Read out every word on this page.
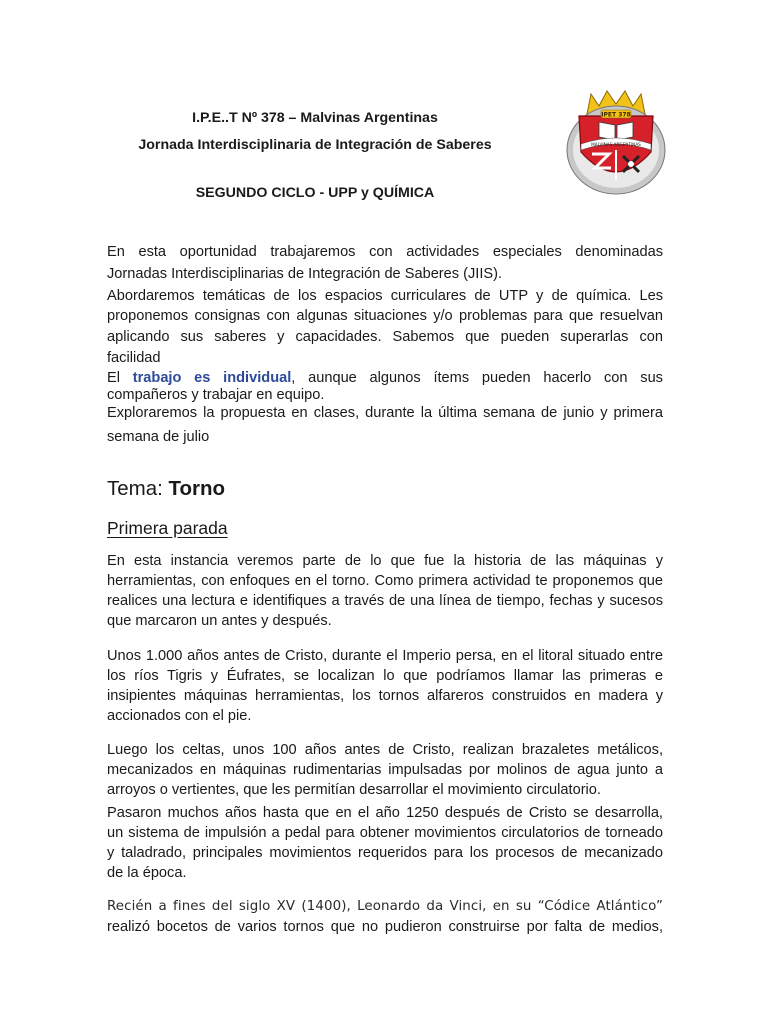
I.P.E..T Nº 378 – Malvinas Argentinas
Jornada Interdisciplinaria de Integración de Saberes
SEGUNDO CICLO - UPP y QUÍMICA
IPET 378
MALVINAS ARGENTINAS
En esta oportunidad trabajaremos con actividades especiales denominadas
Jornadas Interdisciplinarias de Integración de Saberes (JIIS).
Abordaremos temáticas de los espacios curriculares de UTP y de química. Les
proponemos consignas con algunas situaciones y/o problemas para que resuelvan
aplicando sus saberes y capacidades. Sabemos que pueden superarlas con
facilidad
El trabajo es individual, aunque algunos ítems pueden hacerlo con sus
compañeros y trabajar en equipo.
Exploraremos la propuesta en clases, durante la última semana de junio y primera
semana de julio
Tema: Torno
Primera parada
En esta instancia veremos parte de lo que fue la historia de las máquinas y
herramientas, con enfoques en el torno. Como primera actividad te proponemos que
realices una lectura e identifiques a través de una línea de tiempo, fechas y sucesos
que marcaron un antes y después.
Unos 1.000 años antes de Cristo, durante el Imperio persa, en el litoral situado entre
los ríos Tigris y Éufrates, se localizan lo que podríamos llamar las primeras e
insipientes máquinas herramientas, los tornos alfareros construidos en madera y
accionados con el pie.
Luego los celtas, unos 100 años antes de Cristo, realizan brazaletes metálicos,
mecanizados en máquinas rudimentarias impulsadas por molinos de agua junto a
arroyos o vertientes, que les permitían desarrollar el movimiento circulatorio.
Pasaron muchos años hasta que en el año 1250 después de Cristo se desarrolla,
un sistema de impulsión a pedal para obtener movimientos circulatorios de torneado
y taladrado, principales movimientos requeridos para los procesos de mecanizado
de la época.
Recién a fines del siglo XV (1400), Leonardo da Vinci, en su “Códice Atlántico”
realizó bocetos de varios tornos que no pudieron construirse por falta de medios,
